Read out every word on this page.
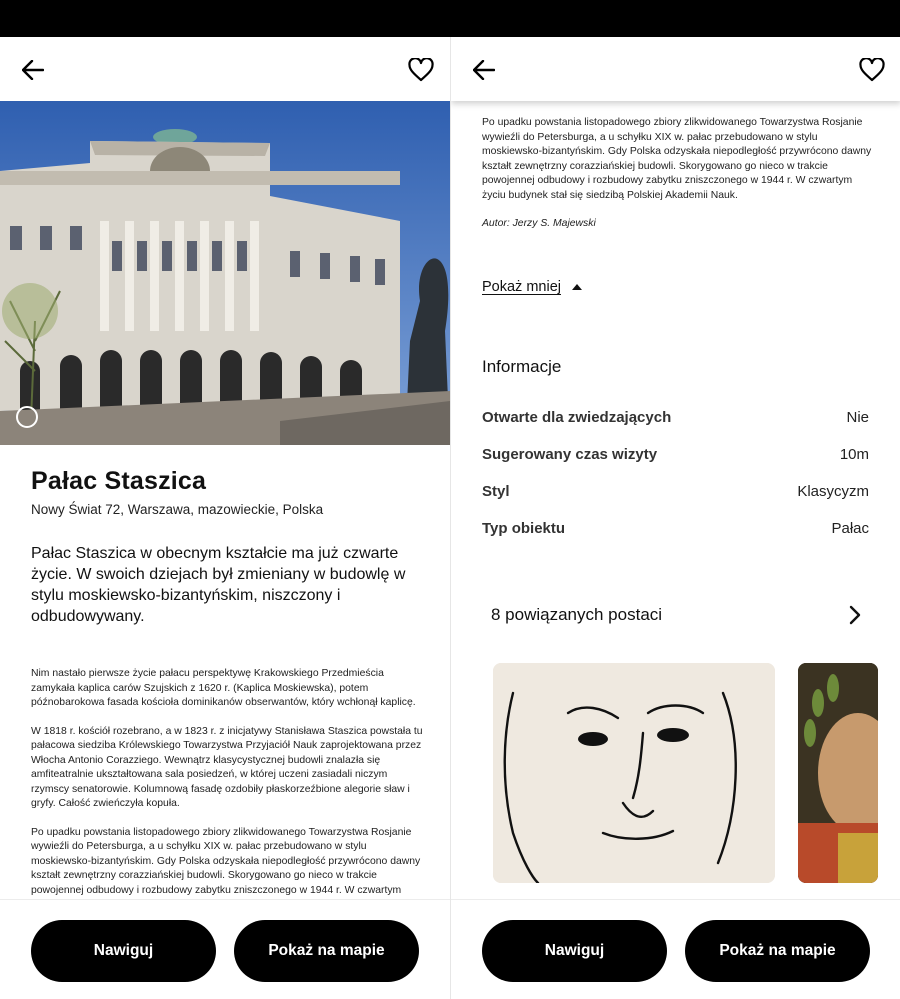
Pałac Staszica
Nowy Świat 72, Warszawa, mazowieckie, Polska
Pałac Staszica w obecnym kształcie ma już czwarte życie. W swoich dziejach był zmieniany w budowlę w stylu moskiewsko-bizantyńskim, niszczony i odbudowywany.

Nim nastało pierwsze życie pałacu perspektywę Krakowskiego Przedmieścia zamykała kaplica carów Szujskich z 1620 r. (Kaplica Moskiewska), potem późnobarokowa fasada kościoła dominikanów obserwantów, który wchłonął kaplicę.

W 1818 r. kościół rozebrano, a w 1823 r. z inicjatywy Stanisława Staszica powstała tu pałacowa siedziba Królewskiego Towarzystwa Przyjaciół Nauk zaprojektowana przez Włocha Antonio Corazziego. Wewnątrz klasycystycznej budowli znalazła się amfiteatralnie ukształtowana sala posiedzeń, w której uczeni zasiadali niczym rzymscy senatorowie. Kolumnową fasadę ozdobiły płaskorzeźbione alegorie sław i gryfy. Całość zwieńczyła kopuła.

Po upadku powstania listopadowego zbiory zlikwidowanego Towarzystwa Rosjanie wywieźli do Petersburga, a u schyłku XIX w. pałac przebudowano w stylu moskiewsko-bizantyńskim. Gdy Polska odzyskała niepodległość przywrócono dawny kształt zewnętrzny corazziańskiej budowli. Skorygowano go nieco w trakcie powojennej odbudowy i rozbudowy zabytku zniszczonego w 1944 r. W czwartym

Nawiguj	Pokaż na mapie

Po upadku powstania listopadowego zbiory zlikwidowanego Towarzystwa Rosjanie wywieźli do Petersburga, a u schyłku XIX w. pałac przebudowano w stylu moskiewsko-bizantyńskim. Gdy Polska odzyskała niepodległość przywrócono dawny kształt zewnętrzny corazziańskiej budowli. Skorygowano go nieco w trakcie powojennej odbudowy i rozbudowy zabytku zniszczonego w 1944 r. W czwartym życiu budynek stał się siedzibą Polskiej Akademii Nauk.

Autor: Jerzy S. Majewski

Pokaż mniej
Informacje
Otwarte dla zwiedzających	Nie
Sugerowany czas wizyty	10m
Styl	Klasycyzm
Typ obiektu	Pałac
8 powiązanych postaci
Nawiguj	Pokaż na mapie
